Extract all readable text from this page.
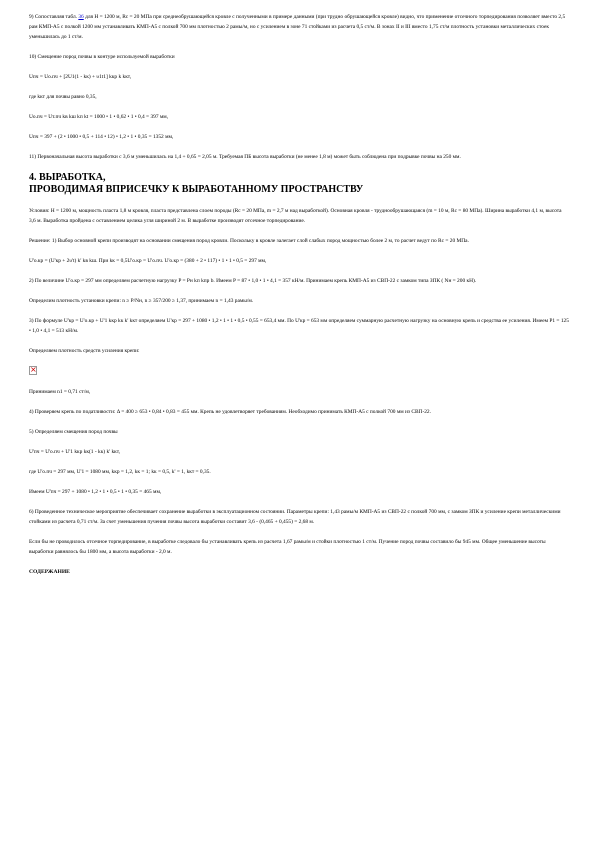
9) Сопоставляя табл. 36 для H = 1200 м, Rс = 20 МПа при среднеобрушающейся кровле с полученными в примере данными (при трудно обрушающейся кровле) видно, что применение отсечного торпедирования позволяет вместо 2,5 рам КМП-А5 с полкой 1200 мм устанавливать КМП-А5 с полкой 700 мм плотностью 2 рамы/м, но с усилением в зоне 71 стойками из расчета 0,5 ст/м. В зонах II и III вместо 1,75 ст/м плотность установки металлических стоек уменьшилась до 1 ст/м.

10) Смещение пород почвы в контуре используемой выработки

Uпч = Uо.пч + [2U1(1 - kк) + υ1t1] kкр k kкт,

где kкт для почвы равно 0,35,

Uо.пч = Uт.пч kв kш kп kt = 1000 • 1 • 0,62 • 1 • 0,4 = 397 мм,

Uпч = 397 + (2 • 1000 • 0,5 + 114 • 12) • 1,2 • 1 • 0,35 = 1352 мм,

11) Первоначальная высота выработки с 3,6 м уменьшилась на 1,4 + 0,65 = 2,05 м. Требуемая ПБ высота выработки (не менее 1,8 м) может быть соблюдена при подрывке почвы на 250 мм.

4. ВЫРАБОТКА,
ПРОВОДИМАЯ ВПРИСЕЧКУ К ВЫРАБОТАННОМУ ПРОСТРАНСТВУ

Условия: H = 1200 м, мощность пласта 1,8 м кровля, пласта представлена слоем породы (Rс = 20 МПа, m = 2,7 м над выработкой). Основная кровля - труднообрушающаяся (m = 10 м, Rс = 80 МПа). Ширина выработки 4,1 м, высота 3,6 м. Выработка пройдена с оставлением целика угля шириной 2 м. В выработке производят отсечное торпедирование.

Решение: 1) Выбор основной крепи производят на основании смещения пород кровли. Поскольку в кровле залегает слой слабых пород мощностью более 2 м, то расчет ведут по Rс = 20 МПа.

U'о.кр = (U'кр + 2υ't) k' kв kш. При kк = 0,5U'о.кр = U'о.пч. U'о.кр = (380 + 2 • 117) • 1 • 1 • 0,5 = 297 мм,

2) По величине U'о.кр = 297 мм определяем расчетную нагрузку P = Pн kп kпр b. Имеем P = 87 • 1,0 • 1 • 4,1 = 357 кН/м. Принимаем крепь КМП-А5 из СВП-22 с замком типа ЗПК ( Nн = 200 кН).

Определим плотность установки крепи: n ≥ P/Nн, n ≥ 357/200 ≥ 1,37, принимаем n = 1,43 рамы/м.

3) По формуле U'кр = U'о.кр + U'1 kкр kк k' kкт определяем U'кр = 297 + 1080 • 1,2 • 1 • 1 • 0,5 • 0,55 = 653,4 мм. По U'кр = 653 мм определяем суммарную расчетную нагрузку на основную крепь и средства ее усиления. Имеем P1 = 125 • 1,0 • 4,1 = 513 кН/м.

Определяем плотность средств усиления крепи:

×

Принимаем n1 = 0,71 ст/м,

4) Проверяем крепь по податливости: Δ = 400 ≥ 653 • 0,84 • 0,83 = 455 мм. Крепь не удовлетворяет требованиям. Необходимо принимать КМП-А5 с полкой 700 мм из СВП-22.

5) Определяем смещения пород почвы

U'пч = U'о.пч + U'1 kкр kк(1 - kк) k' kкт,

где U'о.пч = 297 мм, U'1 = 1080 мм, kкр = 1,2, kк = 1; kк = 0,5, k' = 1, kкт = 0,35.

Имеем U'пч = 297 + 1080 • 1,2 • 1 • 0,5 • 1 • 0,35 = 465 мм,

6) Проведенное техническое мероприятие обеспечивает сохранение выработки в эксплуатационном состоянии. Параметры крепи: 1,43 рамы/м КМП-А5 из СВП-22 с полкой 700 мм, с замком ЗПК и усиление крепи металлическими стойками из расчета 0,71 ст/м. За счет уменьшения пучения почвы высота выработки составит 3,6 - (0,465 + 0,455) = 2,68 м.

Если бы не проводилось отсечное торпедирование, в выработке следовало бы устанавливать крепь из расчета 1,67 рамы/м и стойки плотностью 1 ст/м. Пучение пород почвы составило бы 945 мм. Общее уменьшение высоты выработки равнялось бы 1800 мм, а высота выработки - 2,0 м.

СОДЕРЖАНИЕ
